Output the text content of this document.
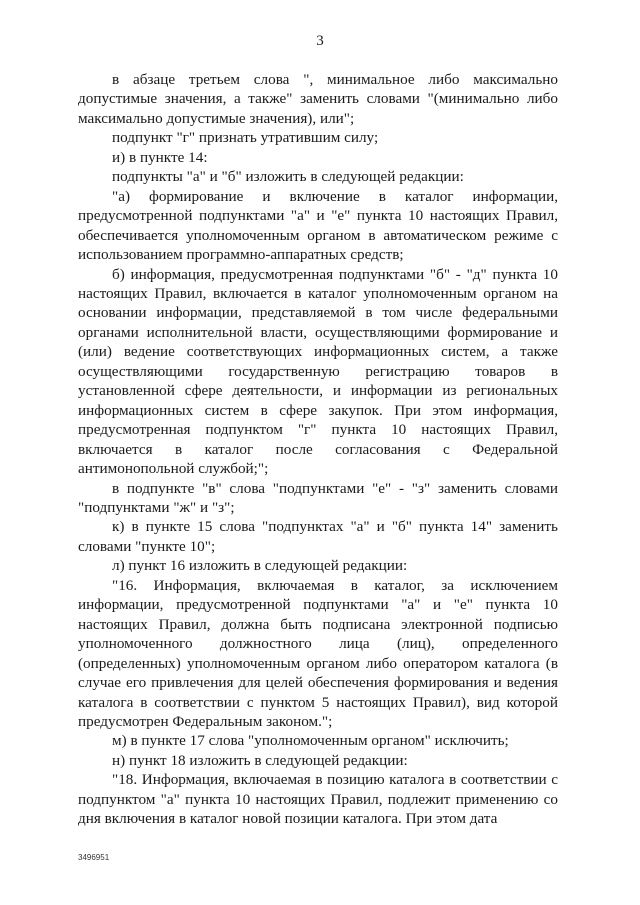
3

в абзаце третьем слова ", минимальное либо максимально допустимые значения, а также" заменить словами "(минимально либо максимально допустимые значения), или";

подпункт "г" признать утратившим силу;

и) в пункте 14:

подпункты "а" и "б" изложить в следующей редакции:

"а) формирование и включение в каталог информации, предусмотренной подпунктами "а" и "е" пункта 10 настоящих Правил, обеспечивается уполномоченным органом в автоматическом режиме с использованием программно-аппаратных средств;

б) информация, предусмотренная подпунктами "б" - "д" пункта 10 настоящих Правил, включается в каталог уполномоченным органом на основании информации, представляемой в том числе федеральными органами исполнительной власти, осуществляющими формирование и (или) ведение соответствующих информационных систем, а также осуществляющими государственную регистрацию товаров в установленной сфере деятельности, и информации из региональных информационных систем в сфере закупок. При этом информация, предусмотренная подпунктом "г" пункта 10 настоящих Правил, включается в каталог после согласования с Федеральной антимонопольной службой;";

в подпункте "в" слова "подпунктами "е" - "з" заменить словами "подпунктами "ж" и "з";

к) в пункте 15 слова "подпунктах "а" и "б" пункта 14" заменить словами "пункте 10";

л) пункт 16 изложить в следующей редакции:

"16. Информация, включаемая в каталог, за исключением информации, предусмотренной подпунктами "а" и "е" пункта 10 настоящих Правил, должна быть подписана электронной подписью уполномоченного должностного лица (лиц), определенного (определенных) уполномоченным органом либо оператором каталога (в случае его привлечения для целей обеспечения формирования и ведения каталога в соответствии с пунктом 5 настоящих Правил), вид которой предусмотрен Федеральным законом.";

м) в пункте 17 слова "уполномоченным органом" исключить;

н) пункт 18 изложить в следующей редакции:

"18. Информация, включаемая в позицию каталога в соответствии с подпунктом "а" пункта 10 настоящих Правил, подлежит применению со дня включения в каталог новой позиции каталога. При этом дата

3496951
